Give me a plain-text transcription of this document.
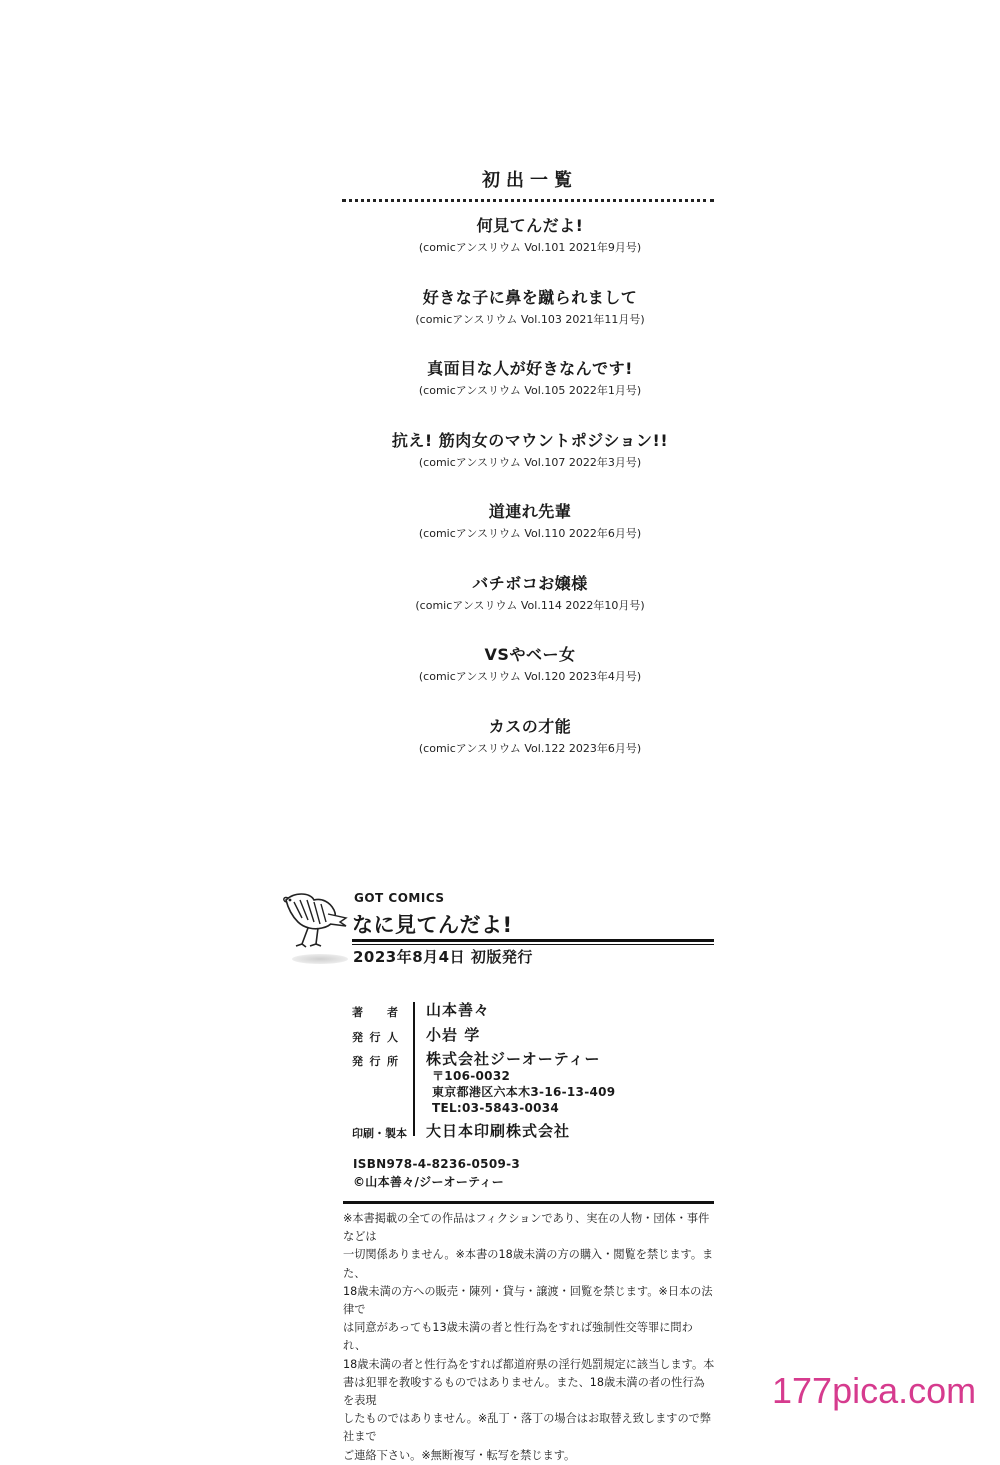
初出一覧
何見てんだよ!
(comicアンスリウム Vol.101 2021年9月号)
好きな子に鼻を蹴られまして
(comicアンスリウム Vol.103 2021年11月号)
真面目な人が好きなんです!
(comicアンスリウム Vol.105 2022年1月号)
抗え! 筋肉女のマウントポジション!!
(comicアンスリウム Vol.107 2022年3月号)
道連れ先輩
(comicアンスリウム Vol.110 2022年6月号)
バチボコお嬢様
(comicアンスリウム Vol.114 2022年10月号)
VSやベー女
(comicアンスリウム Vol.120 2023年4月号)
カスの才能
(comicアンスリウム Vol.122 2023年6月号)
GOT COMICS
なに見てんだよ!
2023年8月4日 初版発行
著 者 山本善々
発 行 人 小岩 学
発 行 所 株式会社ジーオーティー
〒106-0032
東京都港区六本木3-16-13-409
TEL:03-5843-0034
印刷・製本 大日本印刷株式会社
ISBN978-4-8236-0509-3
©山本善々/ジーオーティー

※本書掲載の全ての作品はフィクションであり、実在の人物・団体・事件などは
一切関係ありません。※本書の18歳未満の方の購入・閲覧を禁じます。また、
18歳未満の方への販売・陳列・貸与・譲渡・回覧を禁じます。※日本の法律で
は同意があっても13歳未満の者と性行為をすれば強制性交等罪に問われ、
18歳未満の者と性行為をすれば都道府県の淫行処罰規定に該当します。本
書は犯罪を教唆するものではありません。また、18歳未満の者の性行為を表現
したものではありません。※乱丁・落丁の場合はお取替え致しますので弊社まで
ご連絡下さい。※無断複写・転写を禁じます。

177pica.com
